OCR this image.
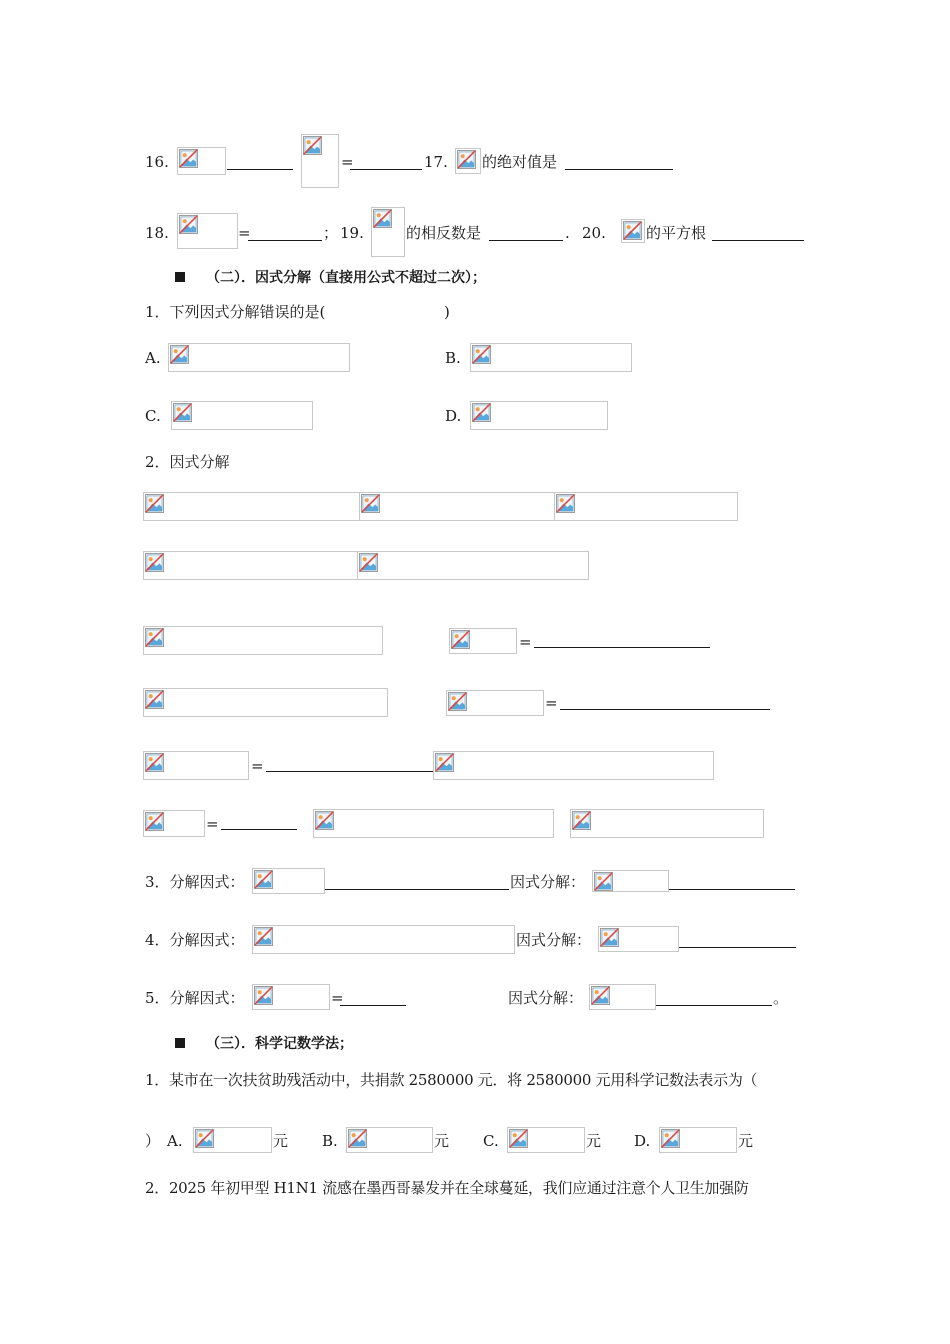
16.	=	17. 的绝对值是
18.	=	； 19.	的相反数是	. 20.	的平方根
（二）．因式分解（直接用公式不超过二次）；
1．下列因式分解错误的是(	)
A.	B.
C.	D.
2．因式分解
=
=
=
=
3．分解因式：	因式分解：
4．分解因式：	因式分解：
5．分解因式：	=	因式分解：	。
（三）．科学记数学法；
1．某市在一次扶贫助残活动中，共捐款 2580000 元．将 2580000 元用科学记数法表示为（
） A.	元 B.	元 C.	元 D.	元
2．2025 年初甲型 H1N1 流感在墨西哥暴发并在全球蔓延，我们应通过注意个人卫生加强防
